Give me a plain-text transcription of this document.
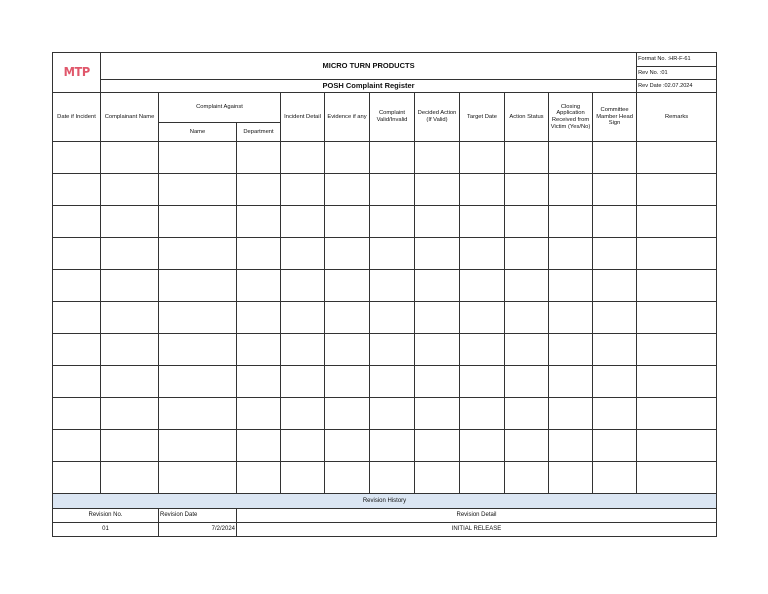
MTP	MICRO TURN PRODUCTS											Format No. :HR-F-61
												Rev No. :01
	POSH Complaint Register											Rev Date :02.07.2024
Date if Incident	Complainant Name	Complaint Against		Incident Detail	Evidence if any	Complaint Valid/Invalid	Decided Action (If Valid)	Target Date	Action Status	Closing Application Received from Victim (Yes/No)	Committee Mamber Head Sign	Remarks
		Name	Department									

Revision History		
Revision No.	Revision Date	Revision Detail
01	7/2/2024	INITIAL RELEASE
